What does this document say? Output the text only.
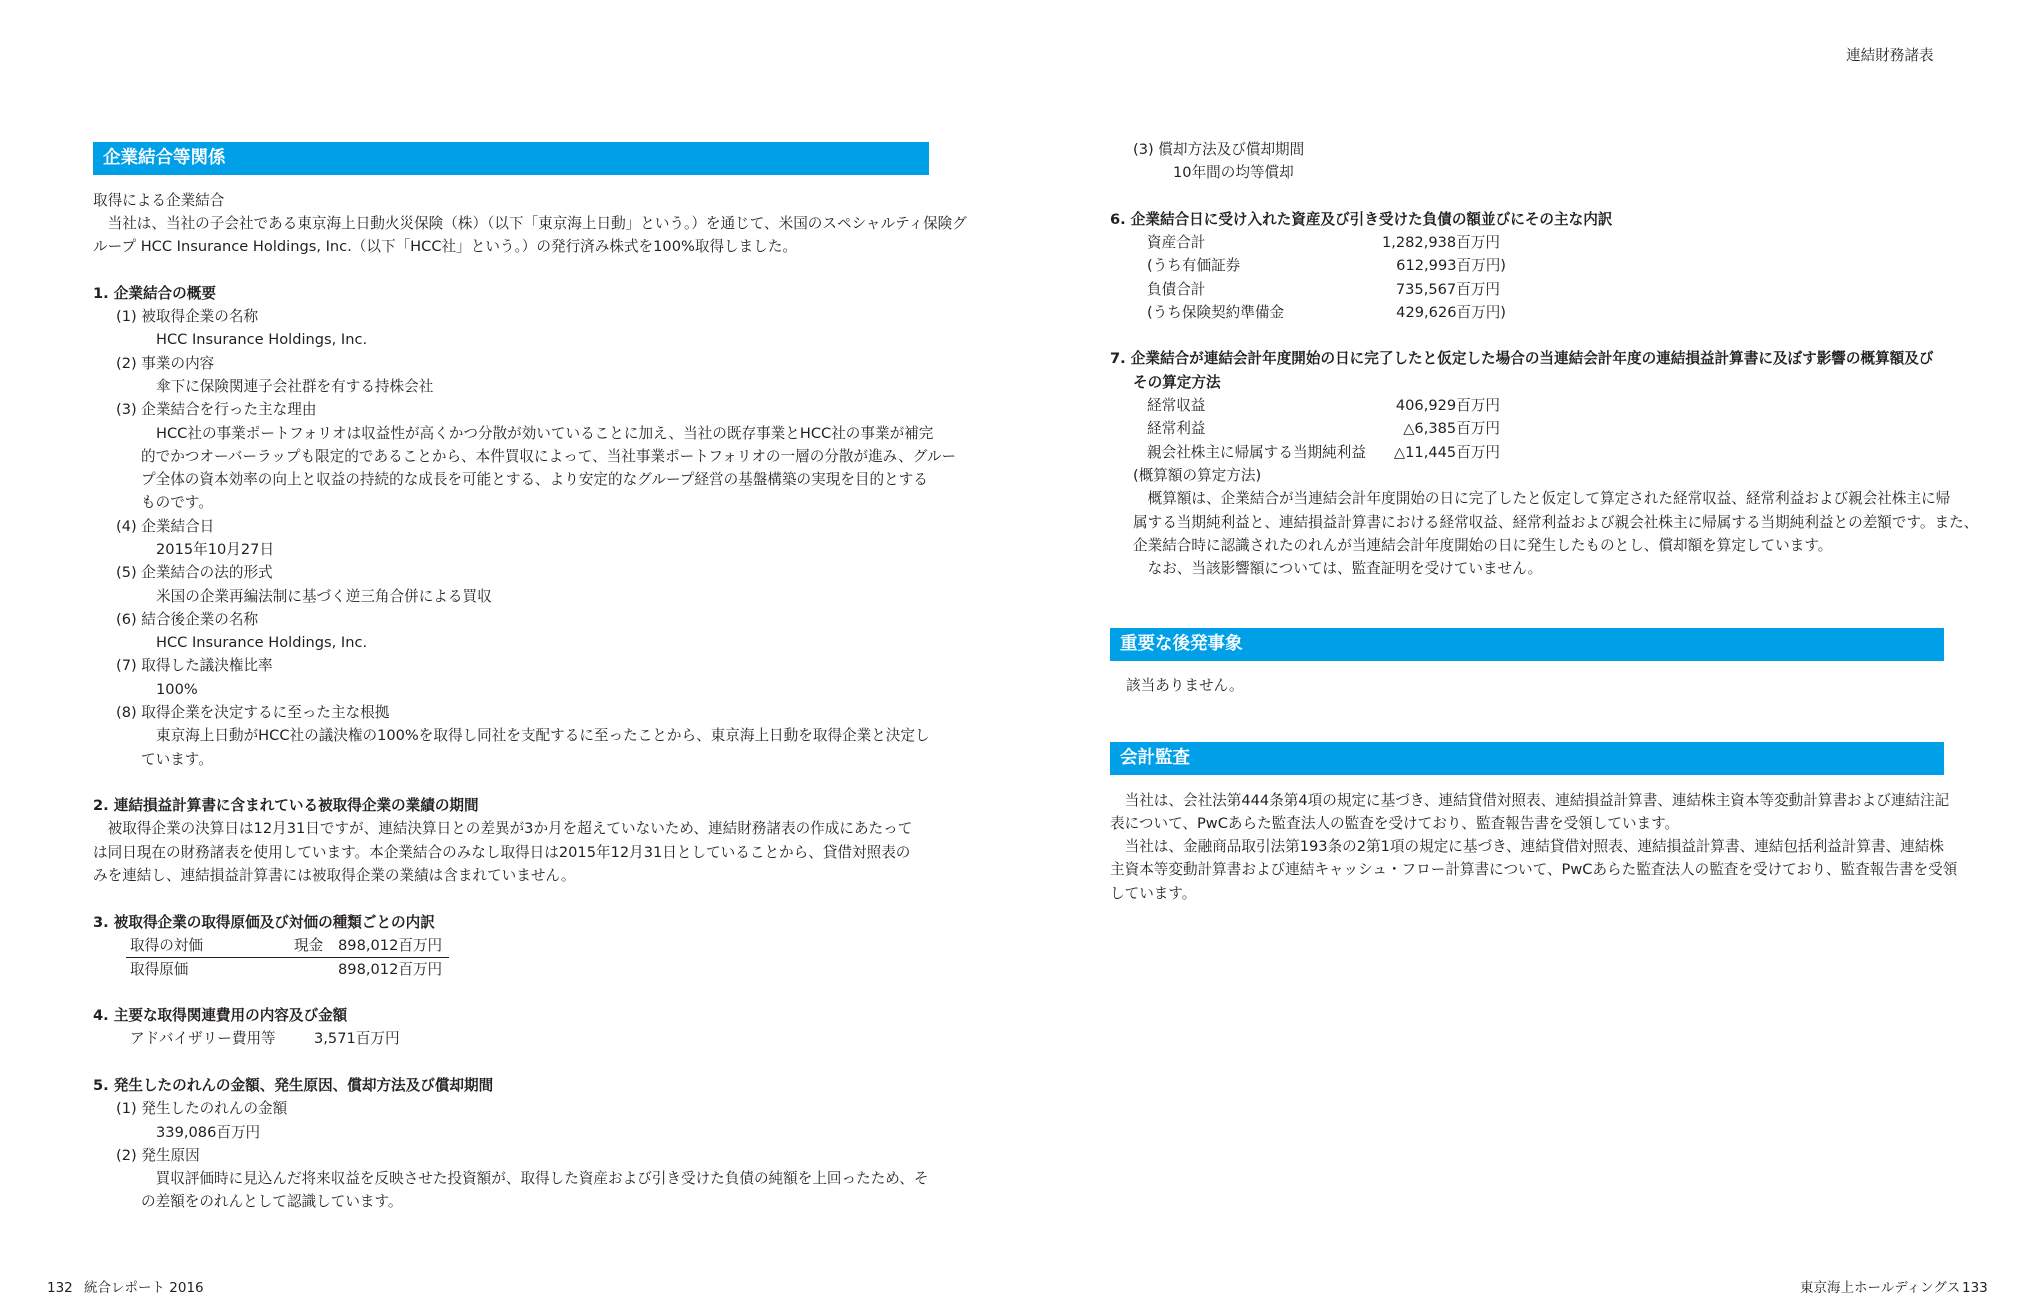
連結財務諸表
企業結合等関係
取得による企業結合
　当社は、当社の子会社である東京海上日動火災保険（株）（以下「東京海上日動」という。）を通じて、米国のスペシャルティ保険グ
ループ HCC Insurance Holdings, Inc.（以下「HCC社」という。）の発行済み株式を100%取得しました。
1. 企業結合の概要
(1) 被取得企業の名称
HCC Insurance Holdings, Inc.
(2) 事業の内容
傘下に保険関連子会社群を有する持株会社
(3) 企業結合を行った主な理由
HCC社の事業ポートフォリオは収益性が高くかつ分散が効いていることに加え、当社の既存事業とHCC社の事業が補完
的でかつオーバーラップも限定的であることから、本件買収によって、当社事業ポートフォリオの一層の分散が進み、グルー
プ全体の資本効率の向上と収益の持続的な成長を可能とする、より安定的なグループ経営の基盤構築の実現を目的とする
ものです。
(4) 企業結合日
2015年10月27日
(5) 企業結合の法的形式
米国の企業再編法制に基づく逆三角合併による買収
(6) 結合後企業の名称
HCC Insurance Holdings, Inc.
(7) 取得した議決権比率
100%
(8) 取得企業を決定するに至った主な根拠
東京海上日動がHCC社の議決権の100%を取得し同社を支配するに至ったことから、東京海上日動を取得企業と決定し
ています。
2. 連結損益計算書に含まれている被取得企業の業績の期間
　被取得企業の決算日は12月31日ですが、連結決算日との差異が3か月を超えていないため、連結財務諸表の作成にあたって
は同日現在の財務諸表を使用しています。本企業結合のみなし取得日は2015年12月31日としていることから、貸借対照表の
みを連結し、連結損益計算書には被取得企業の業績は含まれていません。
3. 被取得企業の取得原価及び対価の種類ごとの内訳
取得の対価	現金 898,012百万円
取得原価	898,012百万円
4. 主要な取得関連費用の内容及び金額
アドバイザリー費用等	3,571百万円
5. 発生したのれんの金額、発生原因、償却方法及び償却期間
(1) 発生したのれんの金額
339,086百万円
(2) 発生原因
　買収評価時に見込んだ将来収益を反映させた投資額が、取得した資産および引き受けた負債の純額を上回ったため、そ
の差額をのれんとして認識しています。
(3) 償却方法及び償却期間
10年間の均等償却
6. 企業結合日に受け入れた資産及び引き受けた負債の額並びにその主な内訳
資産合計	1,282,938百万円
(うち有価証券	612,993百万円)
負債合計	735,567百万円
(うち保険契約準備金	429,626百万円)
7. 企業結合が連結会計年度開始の日に完了したと仮定した場合の当連結会計年度の連結損益計算書に及ぼす影響の概算額及び
その算定方法
経常収益	406,929百万円
経常利益	△6,385百万円
親会社株主に帰属する当期純利益	△11,445百万円
(概算額の算定方法)
　概算額は、企業結合が当連結会計年度開始の日に完了したと仮定して算定された経常収益、経常利益および親会社株主に帰
属する当期純利益と、連結損益計算書における経常収益、経常利益および親会社株主に帰属する当期純利益との差額です。また、
企業結合時に認識されたのれんが当連結会計年度開始の日に発生したものとし、償却額を算定しています。
　なお、当該影響額については、監査証明を受けていません。
重要な後発事象
該当ありません。
会計監査
　当社は、会社法第444条第4項の規定に基づき、連結貸借対照表、連結損益計算書、連結株主資本等変動計算書および連結注記
表について、PwCあらた監査法人の監査を受けており、監査報告書を受領しています。
　当社は、金融商品取引法第193条の2第1項の規定に基づき、連結貸借対照表、連結損益計算書、連結包括利益計算書、連結株
主資本等変動計算書および連結キャッシュ・フロー計算書について、PwCあらた監査法人の監査を受けており、監査報告書を受領
しています。
132 統合レポート 2016	東京海上ホールディングス 133
